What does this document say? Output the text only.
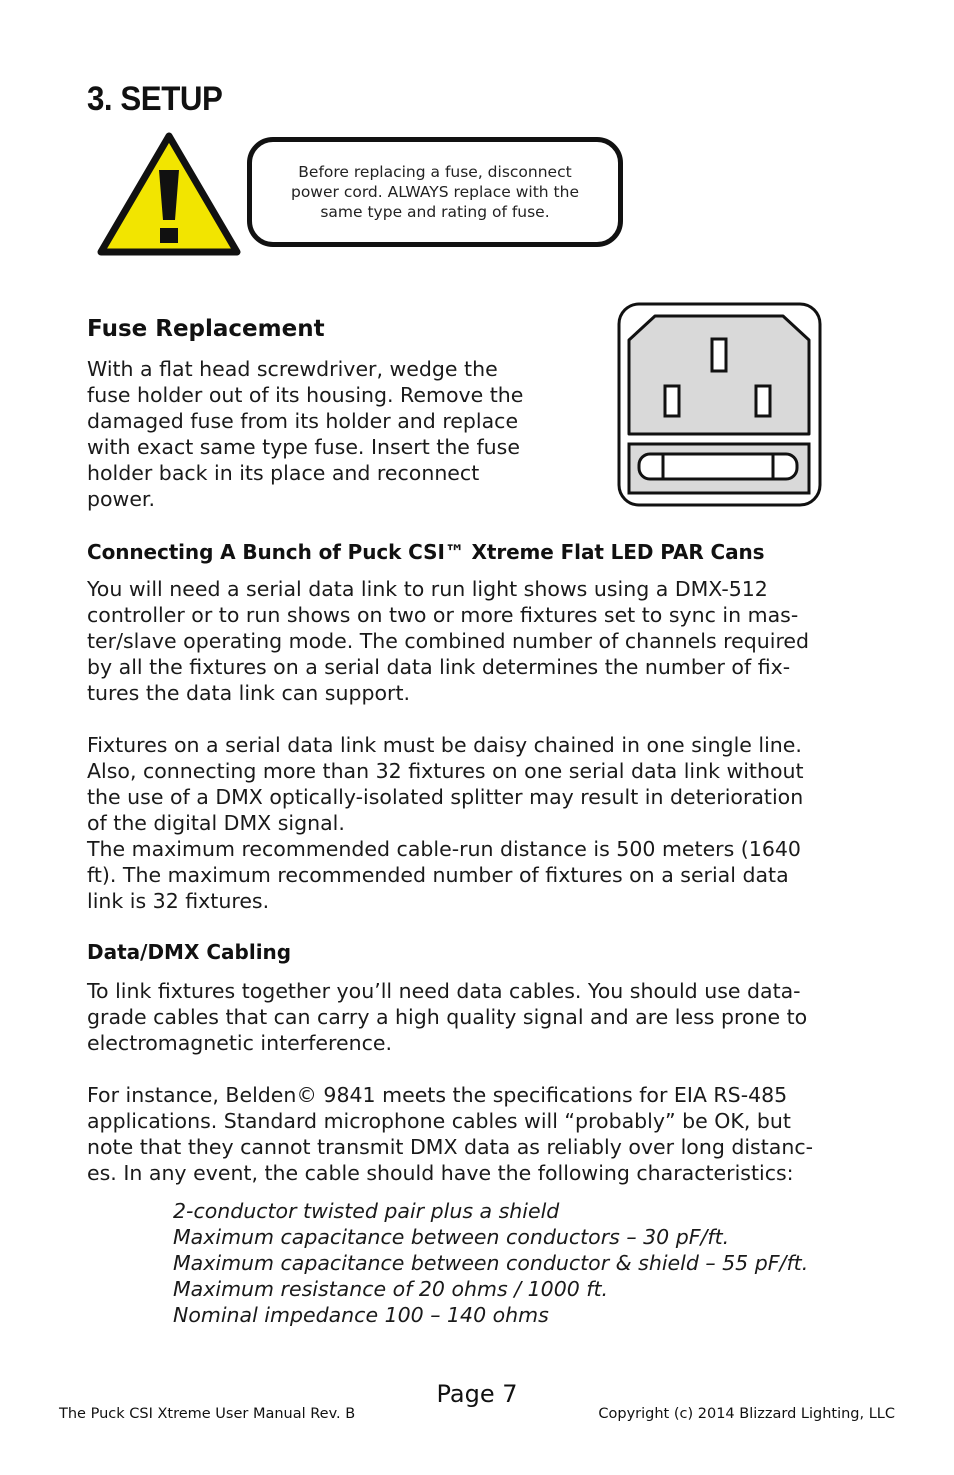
3. SETUP

Before replacing a fuse, disconnect
power cord. ALWAYS replace with the
same type and rating of fuse.

Fuse Replacement

With a flat head screwdriver, wedge the
fuse holder out of its housing. Remove the
damaged fuse from its holder and replace
with exact same type fuse. Insert the fuse
holder back in its place and reconnect
power.

Connecting A Bunch of Puck CSI™ Xtreme Flat LED PAR Cans

You will need a serial data link to run light shows using a DMX-512
controller or to run shows on two or more fixtures set to sync in mas-
ter/slave operating mode. The combined number of channels required
by all the fixtures on a serial data link determines the number of fix-
tures the data link can support.

Fixtures on a serial data link must be daisy chained in one single line.
Also, connecting more than 32 fixtures on one serial data link without
the use of a DMX optically-isolated splitter may result in deterioration
of the digital DMX signal.
The maximum recommended cable-run distance is 500 meters (1640
ft). The maximum recommended number of fixtures on a serial data
link is 32 fixtures.

Data/DMX Cabling

To link fixtures together you’ll need data cables. You should use data-
grade cables that can carry a high quality signal and are less prone to
electromagnetic interference.

For instance, Belden© 9841 meets the specifications for EIA RS-485
applications. Standard microphone cables will “probably” be OK, but
note that they cannot transmit DMX data as reliably over long distanc-
es. In any event, the cable should have the following characteristics:

2-conductor twisted pair plus a shield
Maximum capacitance between conductors – 30 pF/ft.
Maximum capacitance between conductor & shield – 55 pF/ft.
Maximum resistance of 20 ohms / 1000 ft.
Nominal impedance 100 – 140 ohms

Page 7

The Puck CSI Xtreme User Manual Rev. B	Copyright (c) 2014 Blizzard Lighting, LLC
